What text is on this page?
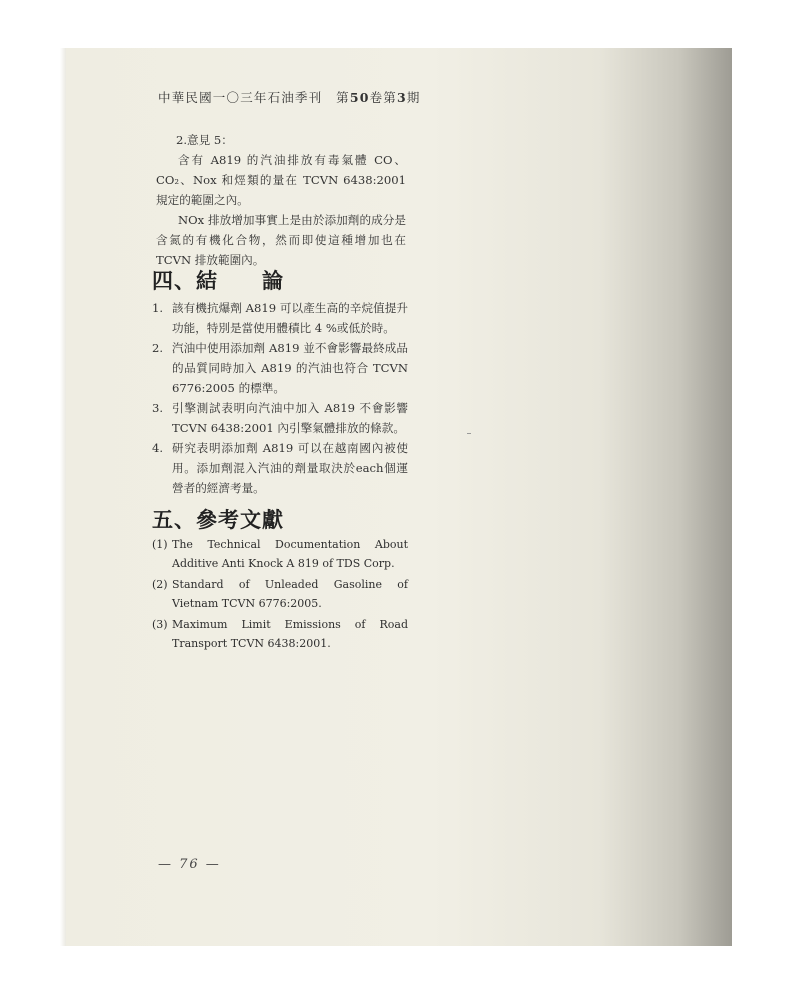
中華民國一〇三年石油季刊　第50卷第3期
2.意見 5：
含有 A819 的汽油排放有毒氣體 CO、CO₂、Nox 和烴類的量在 TCVN 6438:2001 規定的範圍之內。
NOx 排放增加事實上是由於添加劑的成分是含氮的有機化合物，然而即使這種增加也在 TCVN 排放範圍內。
四、結　　論
1. 該有機抗爆劑 A819 可以產生高的辛烷值提升功能，特別是當使用體積比 4 %或低於時。
2. 汽油中使用添加劑 A819 並不會影響最終成品的品質同時加入 A819 的汽油也符合 TCVN 6776:2005 的標準。
3. 引擎測試表明向汽油中加入 A819 不會影響 TCVN 6438:2001 內引擎氣體排放的條款。
4. 研究表明添加劑 A819 可以在越南國內被使用。添加劑混入汽油的劑量取決於each個運營者的經濟考量。
五、參考文獻
(1) The Technical Documentation About Additive Anti Knock A 819 of TDS Corp.
(2) Standard of Unleaded Gasoline of Vietnam TCVN 6776:2005.
(3) Maximum Limit Emissions of Road Transport TCVN 6438:2001.
— 76 —
